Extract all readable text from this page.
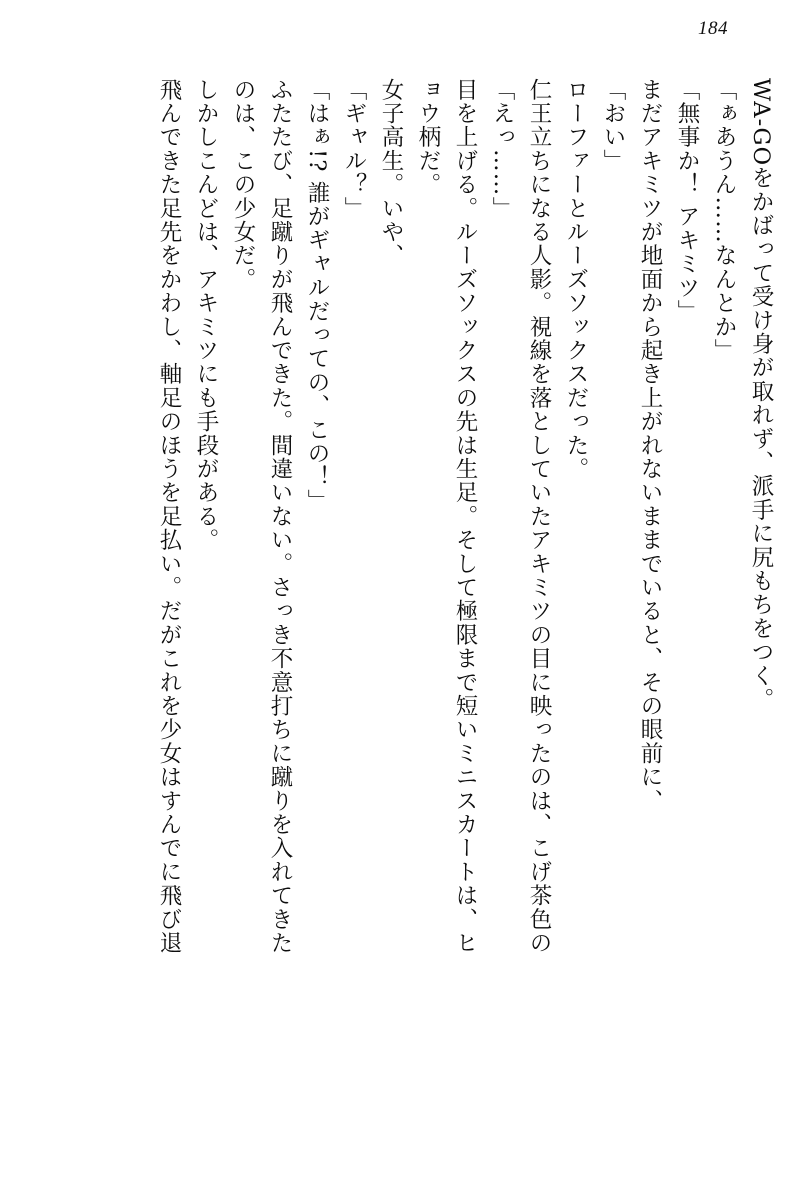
184
WA‑GOをかばって受け身が取れず、派手に尻もちをつく。
「ぁあうん……なんとか」
「無事か！ アキミツ」
まだアキミツが地面から起き上がれないままでいると、その眼前に、
「おい」
ローファーとルーズソックスだった。
仁王立ちになる人影。視線を落としていたアキミツの目に映ったのは、こげ茶色の
「えっ……」
目を上げる。ルーズソックスの先は生足。そして極限まで短いミニスカートは、ヒ
ョウ柄だ。
女子高生。いや、
「ギャル？」
「はぁ!? 誰がギャルだっての、この！」
ふたたび、足蹴りが飛んできた。間違いない。さっき不意打ちに蹴りを入れてきた
のは、この少女だ。
しかしこんどは、アキミツにも手段がある。
飛んできた足先をかわし、軸足のほうを足払い。だがこれを少女はすんでに飛び退
